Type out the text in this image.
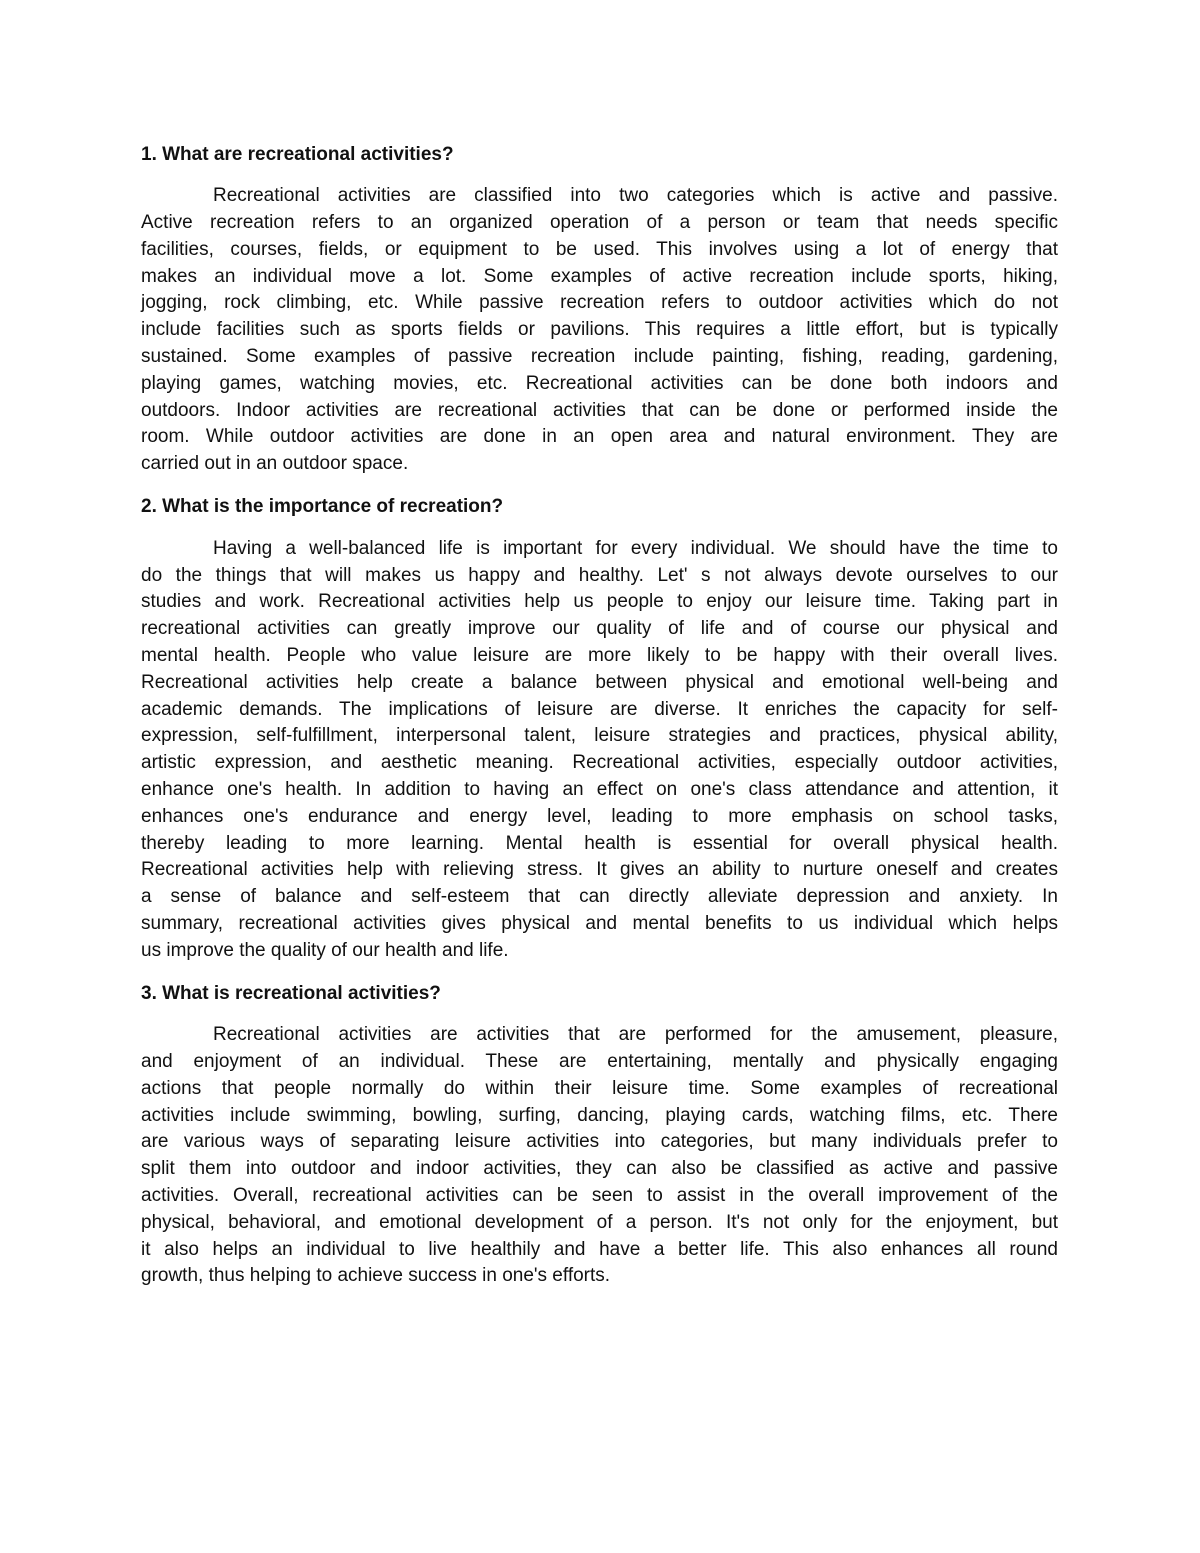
1. What are recreational activities?
Recreational activities are classified into two categories which is active and passive.
Active recreation refers to an organized operation of a person or team that needs specific
facilities, courses, fields, or equipment to be used. This involves using a lot of energy that
makes an individual move a lot. Some examples of active recreation include sports, hiking,
jogging, rock climbing, etc. While passive recreation refers to outdoor activities which do not
include facilities such as sports fields or pavilions. This requires a little effort, but is typically
sustained. Some examples of passive recreation include painting, fishing, reading, gardening,
playing games, watching movies, etc. Recreational activities can be done both indoors and
outdoors. Indoor activities are recreational activities that can be done or performed inside the
room. While outdoor activities are done in an open area and natural environment. They are
carried out in an outdoor space.
2. What is the importance of recreation?
Having a well-balanced life is important for every individual. We should have the time to
do the things that will makes us happy and healthy. Let' s not always devote ourselves to our
studies and work. Recreational activities help us people to enjoy our leisure time. Taking part in
recreational activities can greatly improve our quality of life and of course our physical and
mental health. People who value leisure are more likely to be happy with their overall lives.
Recreational activities help create a balance between physical and emotional well-being and
academic demands. The implications of leisure are diverse. It enriches the capacity for self-
expression, self-fulfillment, interpersonal talent, leisure strategies and practices, physical ability,
artistic expression, and aesthetic meaning. Recreational activities, especially outdoor activities,
enhance one's health. In addition to having an effect on one's class attendance and attention, it
enhances one's endurance and energy level, leading to more emphasis on school tasks,
thereby leading to more learning. Mental health is essential for overall physical health.
Recreational activities help with relieving stress. It gives an ability to nurture oneself and creates
a sense of balance and self-esteem that can directly alleviate depression and anxiety. In
summary, recreational activities gives physical and mental benefits to us individual which helps
us improve the quality of our health and life.
3. What is recreational activities?
Recreational activities are activities that are performed for the amusement, pleasure,
and enjoyment of an individual. These are entertaining, mentally and physically engaging
actions that people normally do within their leisure time. Some examples of recreational
activities include swimming, bowling, surfing, dancing, playing cards, watching films, etc. There
are various ways of separating leisure activities into categories, but many individuals prefer to
split them into outdoor and indoor activities, they can also be classified as active and passive
activities. Overall, recreational activities can be seen to assist in the overall improvement of the
physical, behavioral, and emotional development of a person. It's not only for the enjoyment, but
it also helps an individual to live healthily and have a better life. This also enhances all round
growth, thus helping to achieve success in one's efforts.
